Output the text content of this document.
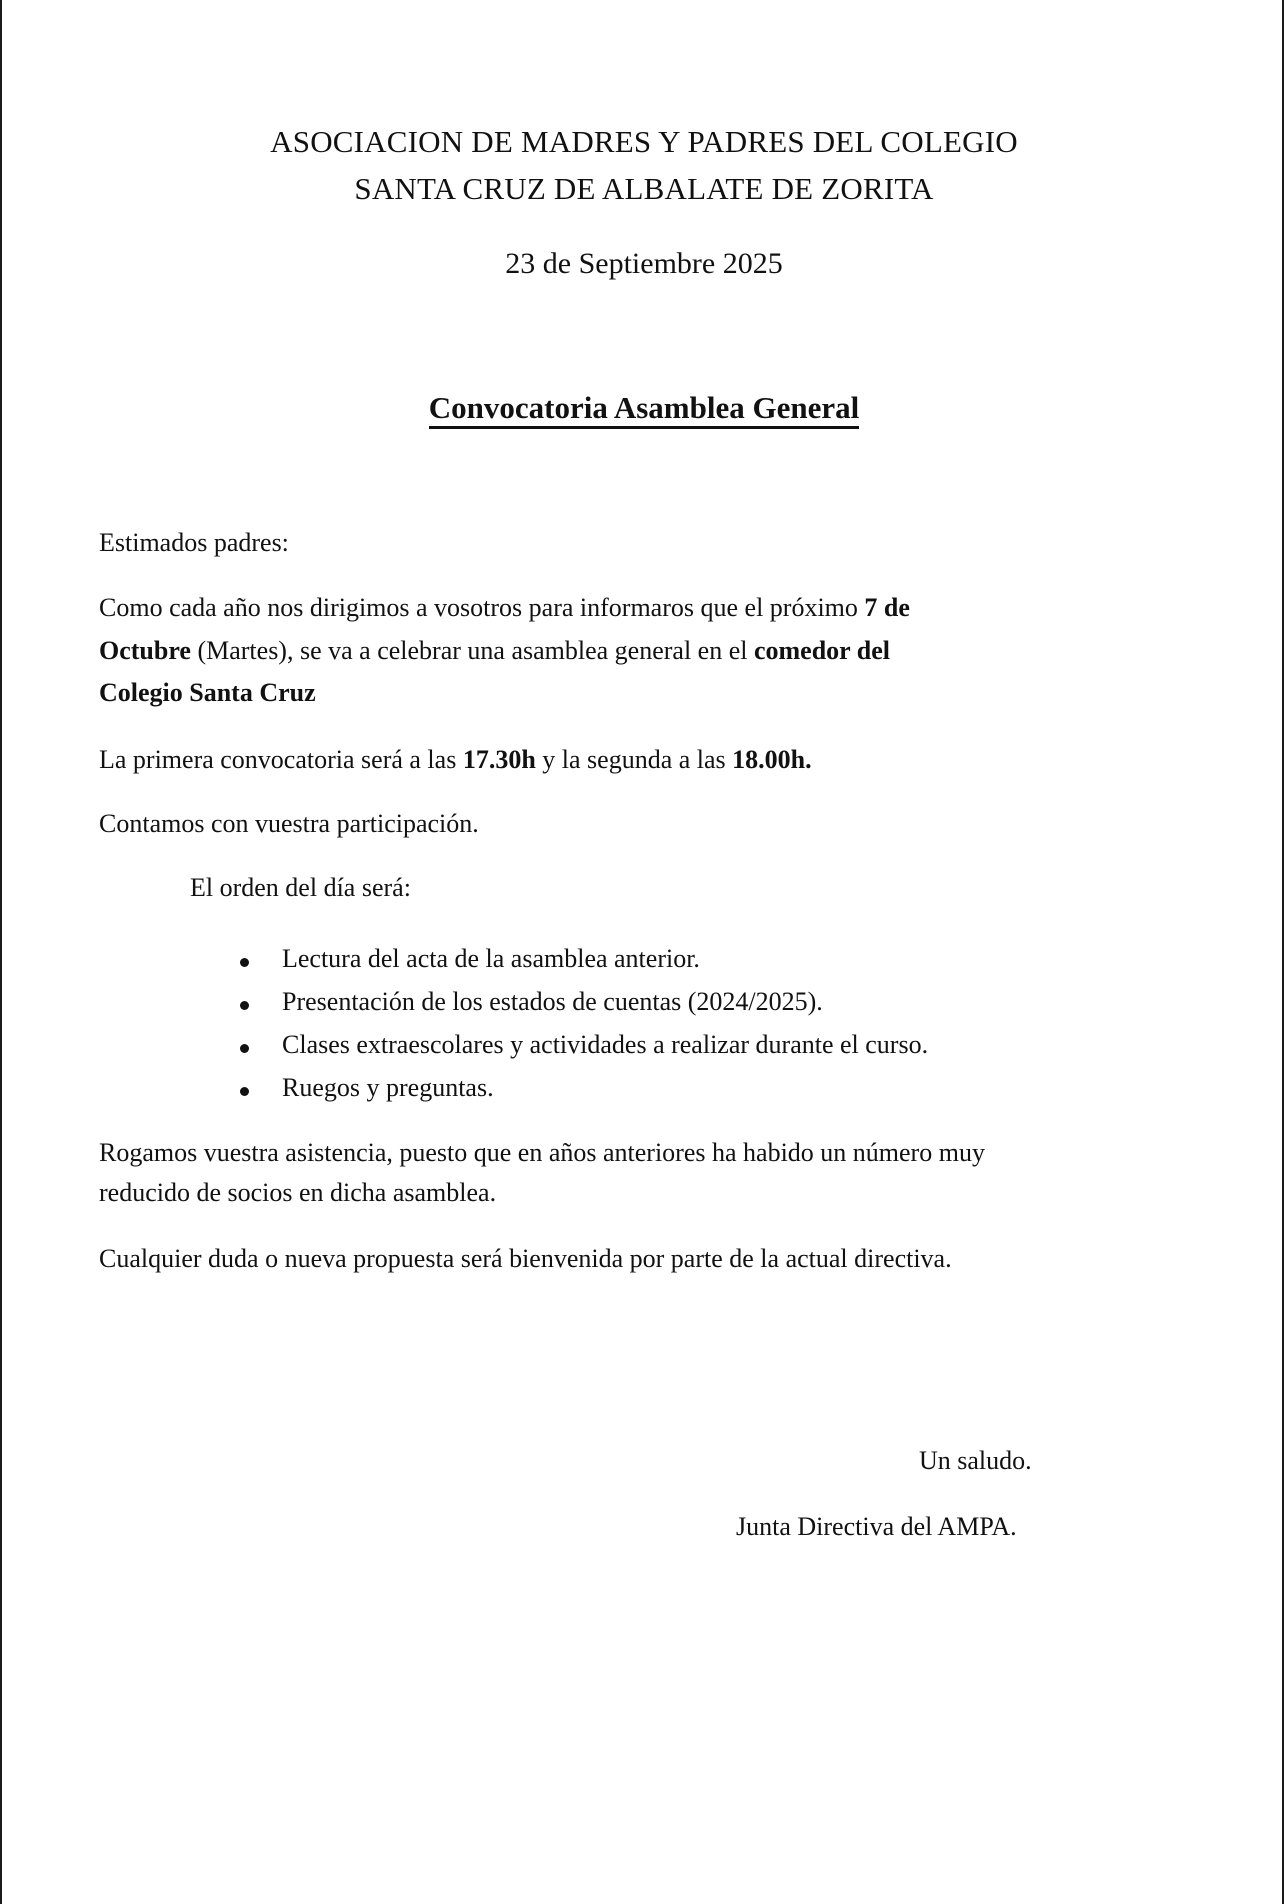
ASOCIACION DE MADRES Y PADRES DEL COLEGIO
SANTA CRUZ DE ALBALATE DE ZORITA
23 de Septiembre 2025
Convocatoria Asamblea General
Estimados padres:
Como cada año nos dirigimos a vosotros para informaros que el próximo 7 de
Octubre (Martes), se va a celebrar una asamblea general en el comedor del
Colegio Santa Cruz
La primera convocatoria será a las 17.30h y la segunda a las 18.00h.
Contamos con vuestra participación.
El orden del día será:
Lectura del acta de la asamblea anterior.
Presentación de los estados de cuentas (2024/2025).
Clases extraescolares y actividades a realizar durante el curso.
Ruegos y preguntas.
Rogamos vuestra asistencia, puesto que en años anteriores ha habido un número muy
reducido de socios en dicha asamblea.
Cualquier duda o nueva propuesta será bienvenida por parte de la actual directiva.
Un saludo.
Junta Directiva del AMPA.
